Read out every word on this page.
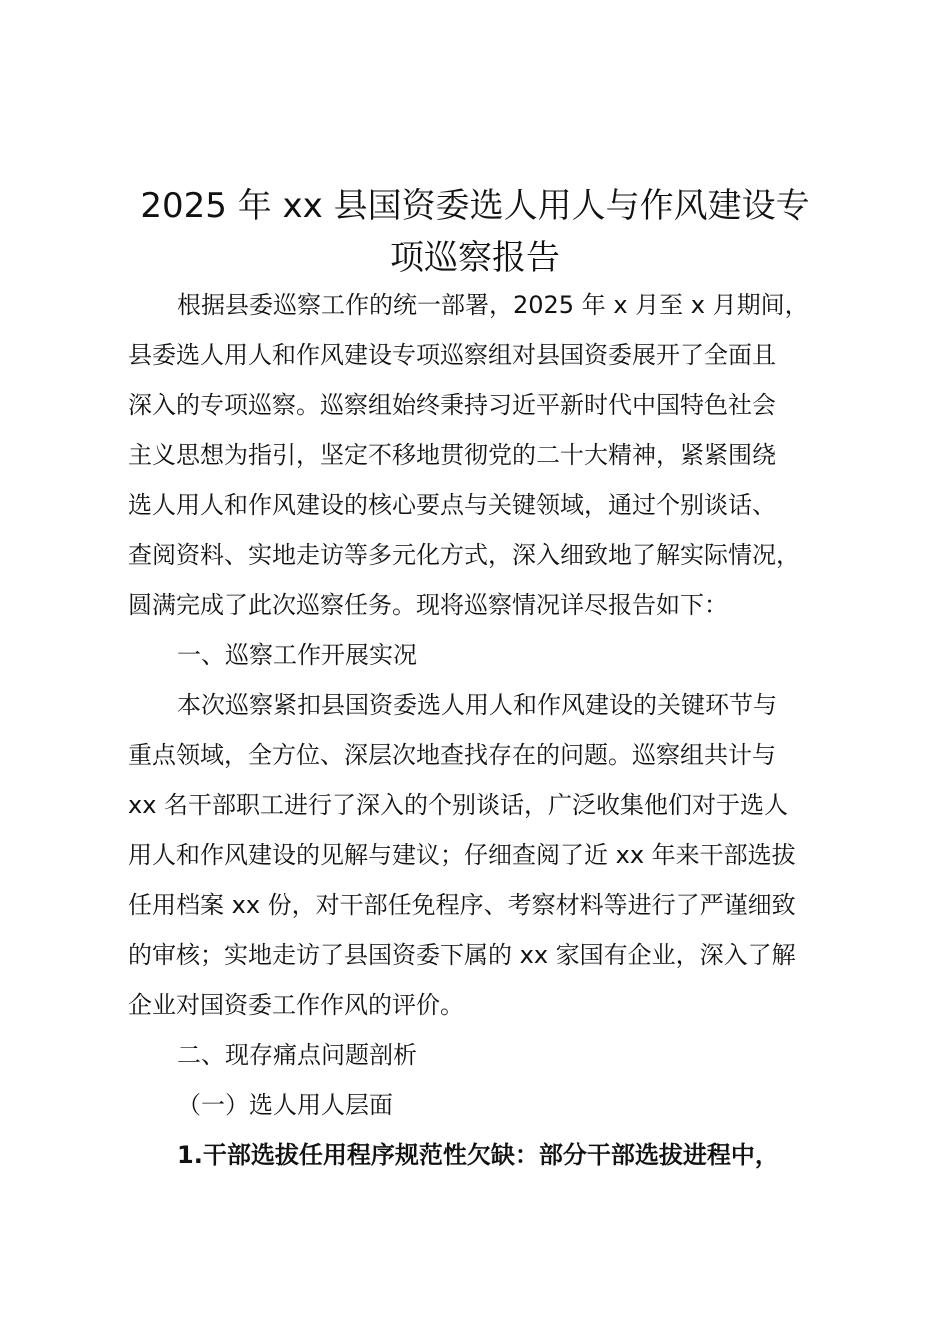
2025 年 xx 县国资委选人用人与作风建设专
项巡察报告
根据县委巡察工作的统一部署，2025 年 x 月至 x 月期间，
县委选人用人和作风建设专项巡察组对县国资委展开了全面且
深入的专项巡察。巡察组始终秉持习近平新时代中国特色社会
主义思想为指引，坚定不移地贯彻党的二十大精神，紧紧围绕
选人用人和作风建设的核心要点与关键领域，通过个别谈话、
查阅资料、实地走访等多元化方式，深入细致地了解实际情况，
圆满完成了此次巡察任务。现将巡察情况详尽报告如下：
一、巡察工作开展实况
本次巡察紧扣县国资委选人用人和作风建设的关键环节与
重点领域，全方位、深层次地查找存在的问题。巡察组共计与
xx 名干部职工进行了深入的个别谈话，广泛收集他们对于选人
用人和作风建设的见解与建议；仔细查阅了近 xx 年来干部选拔
任用档案 xx 份，对干部任免程序、考察材料等进行了严谨细致
的审核；实地走访了县国资委下属的 xx 家国有企业，深入了解
企业对国资委工作作风的评价。
二、现存痛点问题剖析
（一）选人用人层面
1.干部选拔任用程序规范性欠缺：部分干部选拔进程中，
